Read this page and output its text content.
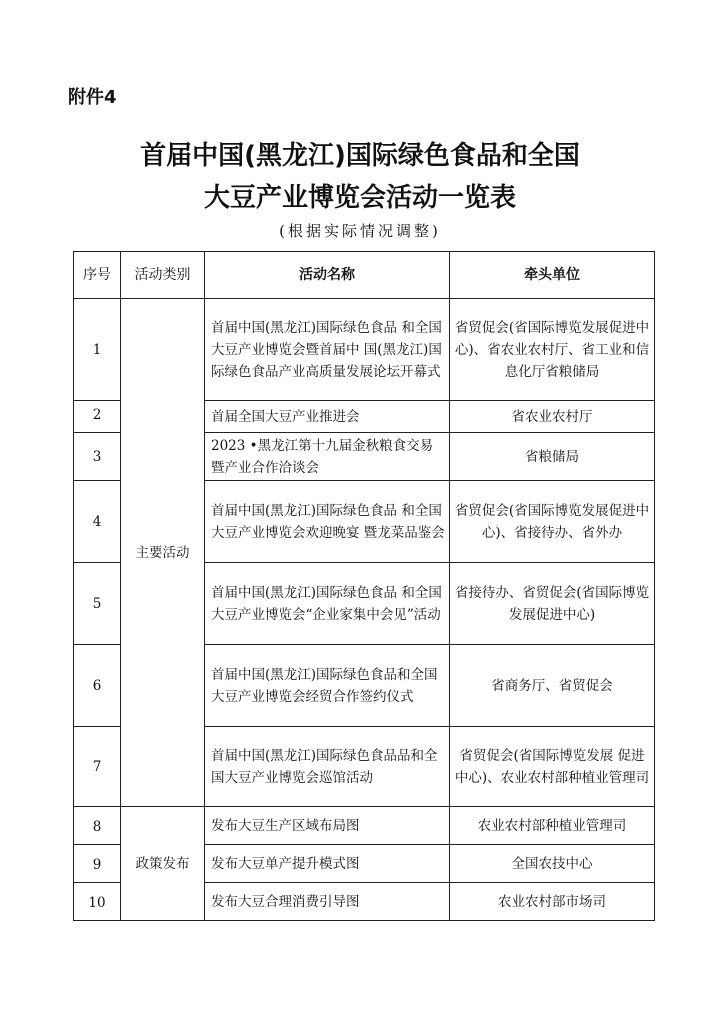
附件4
首届中国(黑龙江)国际绿色食品和全国
大豆产业博览会活动一览表
(根据实际情况调整)
序号	活动类别	活动名称	牵头单位
1	主要活动	首届中国(黑龙江)国际绿色食品 和全国大豆产业博览会暨首届中 国(黑龙江)国际绿色食品产业高质量发展论坛开幕式	省贸促会(省国际博览发展促进中心)、省农业农村厅、省工业和信息化厅省粮储局
2		首届全国大豆产业推进会	省农业农村厅
3		2023 •黑龙江第十九届金秋粮食交易暨产业合作洽谈会	省粮储局
4		首届中国(黑龙江)国际绿色食品 和全国大豆产业博览会欢迎晚宴 暨龙菜品鉴会	省贸促会(省国际博览发展促进中心)、省接待办、省外办
5		首届中国(黑龙江)国际绿色食品 和全国大豆产业博览会“企业家集中会见”活动	省接待办、省贸促会(省国际博览发展促进中心)
6		首届中国(黑龙江)国际绿色食品和全国大豆产业博览会经贸合作签约仪式	省商务厅、省贸促会
7		首届中国(黑龙江)国际绿色食品品和全国大豆产业博览会巡馆活动	省贸促会(省国际博览发展 促进中心)、农业农村部种植业管理司
8	政策发布	发布大豆生产区域布局图	农业农村部种植业管理司
9		发布大豆单产提升模式图	全国农技中心
10		发布大豆合理消费引导图	农业农村部市场司
